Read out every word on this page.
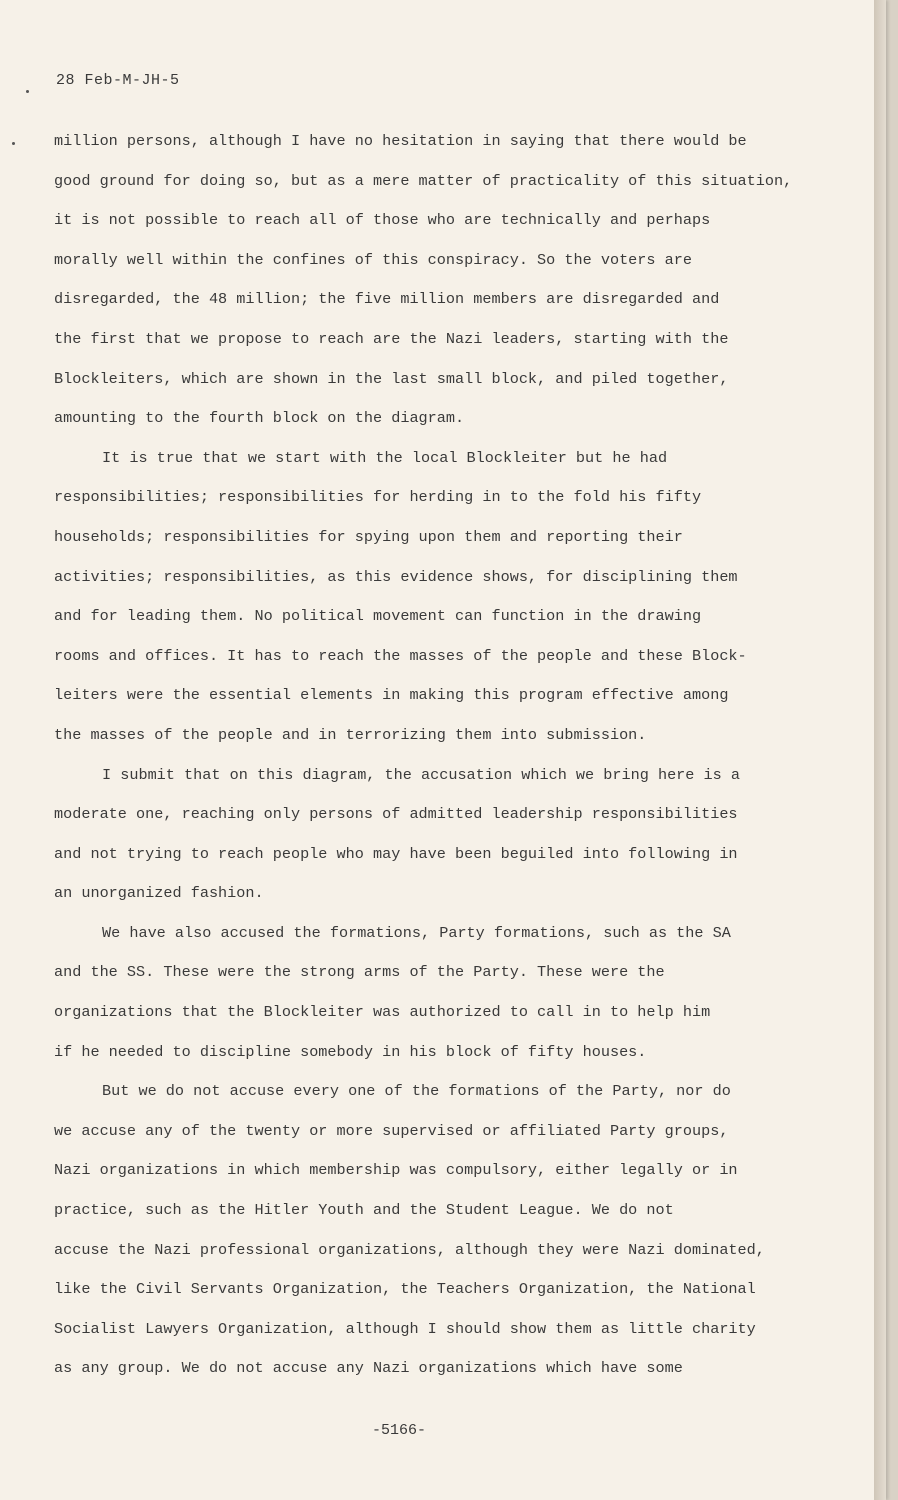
28 Feb-M-JH-5
million persons, although I have no hesitation in saying that there would be
good ground for doing so, but as a mere matter of practicality of this situation,
it is not possible to reach all of those who are technically and perhaps
morally well within the confines of this conspiracy. So the voters are
disregarded, the 48 million; the five million members are disregarded and
the first that we propose to reach are the Nazi leaders, starting with the
Blockleiters, which are shown in the last small block, and piled together,
amounting to the fourth block on the diagram.
It is true that we start with the local Blockleiter but he had
responsibilities; responsibilities for herding in to the fold his fifty
households; responsibilities for spying upon them and reporting their
activities; responsibilities, as this evidence shows, for disciplining them
and for leading them. No political movement can function in the drawing
rooms and offices. It has to reach the masses of the people and these Block-
leiters were the essential elements in making this program effective among
the masses of the people and in terrorizing them into submission.
I submit that on this diagram, the accusation which we bring here is a
moderate one, reaching only persons of admitted leadership responsibilities
and not trying to reach people who may have been beguiled into following in
an unorganized fashion.
We have also accused the formations, Party formations, such as the SA
and the SS. These were the strong arms of the Party. These were the
organizations that the Blockleiter was authorized to call in to help him
if he needed to discipline somebody in his block of fifty houses.
But we do not accuse every one of the formations of the Party, nor do
we accuse any of the twenty or more supervised or affiliated Party groups,
Nazi organizations in which membership was compulsory, either legally or in
practice, such as the Hitler Youth and the Student League. We do not
accuse the Nazi professional organizations, although they were Nazi dominated,
like the Civil Servants Organization, the Teachers Organization, the National
Socialist Lawyers Organization, although I should show them as little charity
as any group. We do not accuse any Nazi organizations which have some
-5166-
